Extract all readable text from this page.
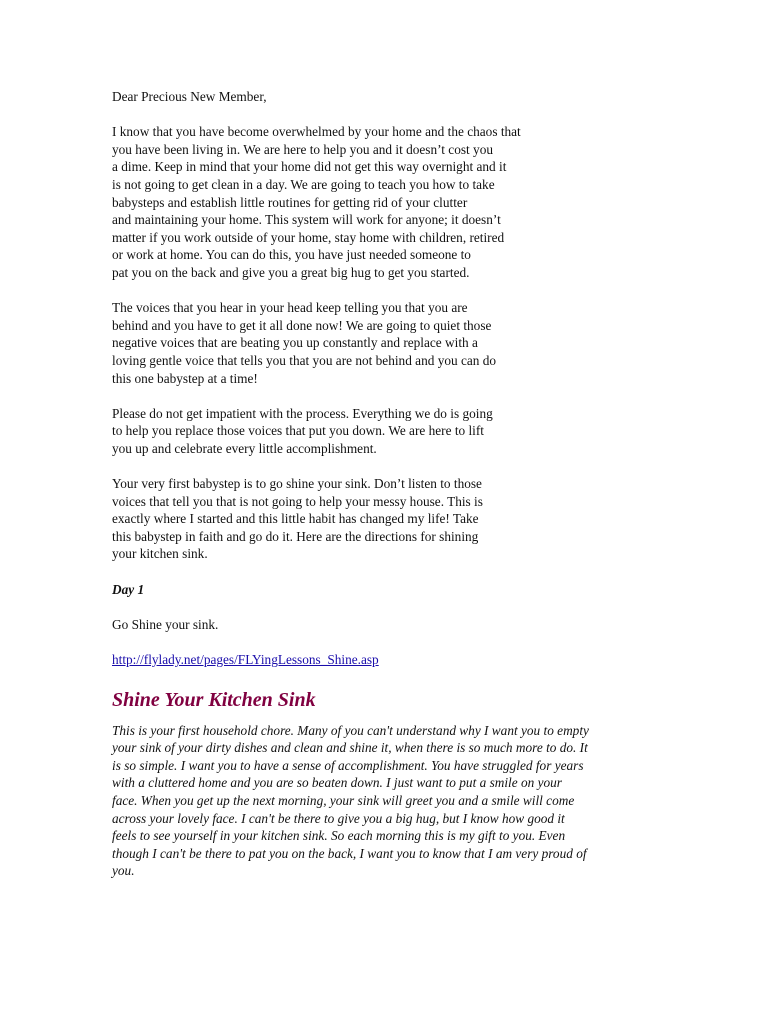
Dear Precious New Member,

I know that you have become overwhelmed by your home and the chaos that
you have been living in. We are here to help you and it doesn’t cost you
a dime. Keep in mind that your home did not get this way overnight and it
is not going to get clean in a day. We are going to teach you how to take
babysteps and establish little routines for getting rid of your clutter
and maintaining your home. This system will work for anyone; it doesn’t
matter if you work outside of your home, stay home with children, retired
or work at home. You can do this, you have just needed someone to
pat you on the back and give you a great big hug to get you started.

The voices that you hear in your head keep telling you that you are
behind and you have to get it all done now! We are going to quiet those
negative voices that are beating you up constantly and replace with a
loving gentle voice that tells you that you are not behind and you can do
this one babystep at a time!

Please do not get impatient with the process. Everything we do is going
to help you replace those voices that put you down. We are here to lift
you up and celebrate every little accomplishment.

Your very first babystep is to go shine your sink. Don’t listen to those
voices that tell you that is not going to help your messy house. This is
exactly where I started and this little habit has changed my life! Take
this babystep in faith and go do it. Here are the directions for shining
your kitchen sink.

Day 1

Go Shine your sink.

http://flylady.net/pages/FLYingLessons_Shine.asp
Shine Your Kitchen Sink

This is your first household chore. Many of you can't understand why I want you to empty
your sink of your dirty dishes and clean and shine it, when there is so much more to do. It
is so simple. I want you to have a sense of accomplishment. You have struggled for years
with a cluttered home and you are so beaten down. I just want to put a smile on your
face. When you get up the next morning, your sink will greet you and a smile will come
across your lovely face. I can't be there to give you a big hug, but I know how good it
feels to see yourself in your kitchen sink. So each morning this is my gift to you. Even
though I can't be there to pat you on the back, I want you to know that I am very proud of
you.
